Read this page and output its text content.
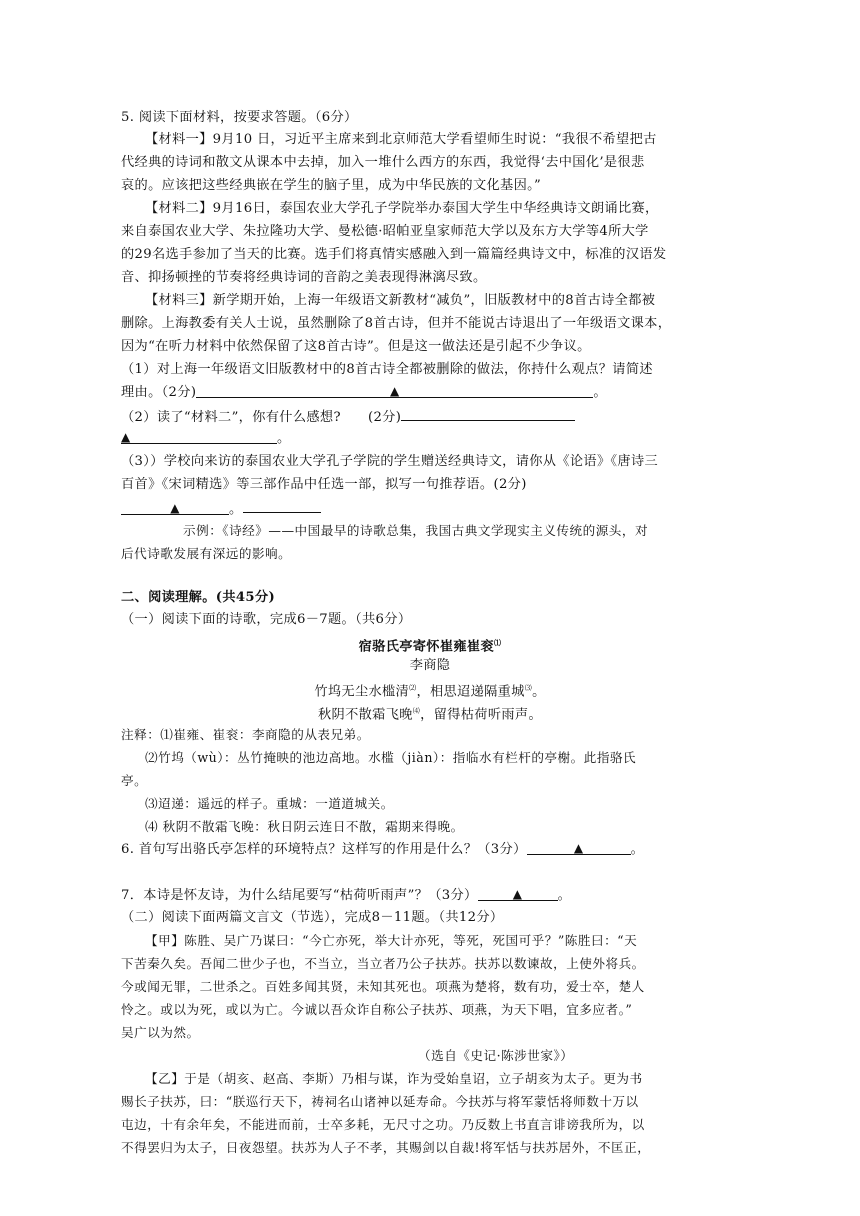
5. 阅读下面材料，按要求答题。（6分）
【材料一】9月10 日，习近平主席来到北京师范大学看望师生时说：“我很不希望把古
代经典的诗词和散文从课本中去掉，加入一堆什么西方的东西，我觉得‘去中国化’是很悲
哀的。应该把这些经典嵌在学生的脑子里，成为中华民族的文化基因。”
【材料二】9月16日，泰国农业大学孔子学院举办泰国大学生中华经典诗文朗诵比赛，
来自泰国农业大学、朱拉隆功大学、曼松德·昭帕亚皇家师范大学以及东方大学等4所大学
的29名选手参加了当天的比赛。选手们将真情实感融入到一篇篇经典诗文中，标准的汉语发
音、抑扬顿挫的节奏将经典诗词的音韵之美表现得淋漓尽致。
【材料三】新学期开始，上海一年级语文新教材“减负”，旧版教材中的8首古诗全都被
删除。上海教委有关人士说，虽然删除了8首古诗，但并不能说古诗退出了一年级语文课本，
因为“在听力材料中依然保留了这8首古诗”。但是这一做法还是引起不少争议。
（1）对上海一年级语文旧版教材中的8首古诗全都被删除的做法，你持什么观点？请简述
理由。（2分)	▲	。
（2）读了“材料二”，你有什么感想?　　(2分)
▲	。
（3））学校向来访的泰国农业大学孔子学院的学生赠送经典诗文，请你从《论语》《唐诗三
百首》《宋词精选》等三部作品中任选一部，拟写一句推荐语。(2分)
▲	。
示例：《诗经》——中国最早的诗歌总集，我国古典文学现实主义传统的源头，对
后代诗歌发展有深远的影响。
二、阅读理解。(共45分)
（一）阅读下面的诗歌，完成6－7题。（共6分）
宿骆氏亭寄怀崔雍崔衮⑴
李商隐
竹坞无尘水槛清⑵，相思迢递隔重城⑶。
秋阴不散霜飞晚⑷，留得枯荷听雨声。
注释：⑴崔雍、崔衮：李商隐的从表兄弟。
⑵竹坞（wù）：丛竹掩映的池边高地。水槛（jiàn）：指临水有栏杆的亭榭。此指骆氏
亭。
⑶迢递：遥远的样子。重城：一道道城关。
⑷ 秋阴不散霜飞晚：秋日阴云连日不散，霜期来得晚。
6. 首句写出骆氏亭怎样的环境特点？这样写的作用是什么？（3分）	▲	。
7．本诗是怀友诗，为什么结尾要写“枯荷听雨声”？（3分）	▲	。
（二）阅读下面两篇文言文（节选），完成8－11题。（共12分）
【甲】陈胜、吴广乃谋曰：“今亡亦死，举大计亦死，等死，死国可乎？”陈胜曰：“天
下苦秦久矣。吾闻二世少子也，不当立，当立者乃公子扶苏。扶苏以数谏故，上使外将兵。
今或闻无罪，二世杀之。百姓多闻其贤，未知其死也。项燕为楚将，数有功，爱士卒，楚人
怜之。或以为死，或以为亡。今诚以吾众诈自称公子扶苏、项燕，为天下唱，宜多应者。”
吴广以为然。
（选自《史记·陈涉世家》）
【乙】于是（胡亥、赵高、李斯）乃相与谋，诈为受始皇诏，立子胡亥为太子。更为书
赐长子扶苏，曰：“朕巡行天下，祷祠名山诸神以延寿命。今扶苏与将军蒙恬将师数十万以
屯边，十有余年矣，不能进而前，士卒多耗，无尺寸之功。乃反数上书直言诽谤我所为，以
不得罢归为太子，日夜怨望。扶苏为人子不孝，其赐剑以自裁!将军恬与扶苏居外，不匡正，
